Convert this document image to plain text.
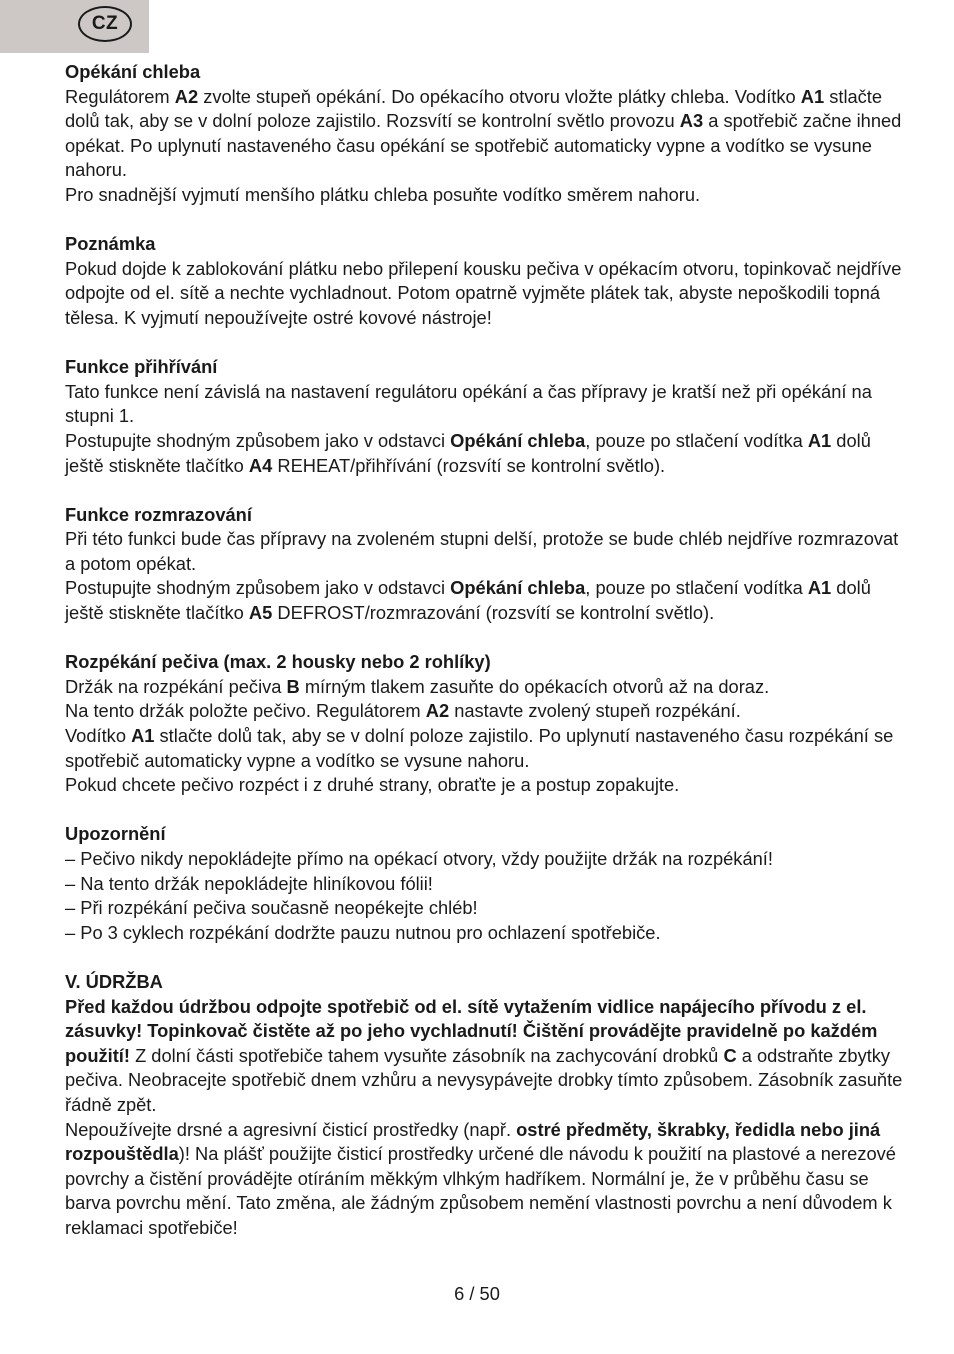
CZ
Opékání chleba

Regulátorem A2 zvolte stupeň opékání. Do opékacího otvoru vložte plátky chleba. Vodítko A1 stlačte dolů tak, aby se v dolní poloze zajistilo. Rozsvítí se kontrolní světlo provozu A3 a spotřebič začne ihned opékat. Po uplynutí nastaveného času opékání se spotřebič automaticky vypne a vodítko se vysune nahoru.

Pro snadnější vyjmutí menšího plátku chleba posuňte vodítko směrem nahoru.

Poznámka

Pokud dojde k zablokování plátku nebo přilepení kousku pečiva v opékacím otvoru, topinkovač nejdříve odpojte od el. sítě a nechte vychladnout. Potom opatrně vyjměte plátek tak, abyste nepoškodili topná tělesa. K vyjmutí nepoužívejte ostré kovové nástroje!

Funkce přihřívání

Tato funkce není závislá na nastavení regulátoru opékání a čas přípravy je kratší než při opékání na stupni 1.

Postupujte shodným způsobem jako v odstavci Opékání chleba, pouze po stlačení vodítka A1 dolů ještě stiskněte tlačítko A4 REHEAT/přihřívání (rozsvítí se kontrolní světlo).

Funkce rozmrazování

Při této funkci bude čas přípravy na zvoleném stupni delší, protože se bude chléb nejdříve rozmrazovat a potom opékat.

Postupujte shodným způsobem jako v odstavci Opékání chleba, pouze po stlačení vodítka A1 dolů ještě stiskněte tlačítko A5 DEFROST/rozmrazování (rozsvítí se kontrolní světlo).

Rozpékání pečiva (max. 2 housky nebo 2 rohlíky)

Držák na rozpékání pečiva B mírným tlakem zasuňte do opékacích otvorů až na doraz.

Na tento držák položte pečivo. Regulátorem A2 nastavte zvolený stupeň rozpékání.

Vodítko A1 stlačte dolů tak, aby se v dolní poloze zajistilo. Po uplynutí nastaveného času rozpékání se spotřebič automaticky vypne a vodítko se vysune nahoru.

Pokud chcete pečivo rozpéct i z druhé strany, obraťte je a postup zopakujte.

Upozornění

– Pečivo nikdy nepokládejte přímo na opékací otvory, vždy použijte držák na rozpékání!

– Na tento držák nepokládejte hliníkovou fólii!

– Při rozpékání pečiva současně neopékejte chléb!

– Po 3 cyklech rozpékání dodržte pauzu nutnou pro ochlazení spotřebiče.

V. ÚDRŽBA

Před každou údržbou odpojte spotřebič od el. sítě vytažením vidlice napájecího přívodu z el. zásuvky! Topinkovač čistěte až po jeho vychladnutí! Čištění provádějte pravidelně po každém použití! Z dolní části spotřebiče tahem vysuňte zásobník na zachycování drobků C a odstraňte zbytky pečiva. Neobracejte spotřebič dnem vzhůru a nevysypávejte drobky tímto způsobem. Zásobník zasuňte řádně zpět.

Nepoužívejte drsné a agresivní čisticí prostředky (např. ostré předměty, škrabky, ředidla nebo jiná rozpouštědla)! Na plášť použijte čisticí prostředky určené dle návodu k použití na plastové a nerezové povrchy a čistění provádějte otíráním měkkým vlhkým hadříkem. Normální je, že v průběhu času se barva povrchu mění. Tato změna, ale žádným způsobem nemění vlastnosti povrchu a není důvodem k reklamaci spotřebiče!

6 / 50
